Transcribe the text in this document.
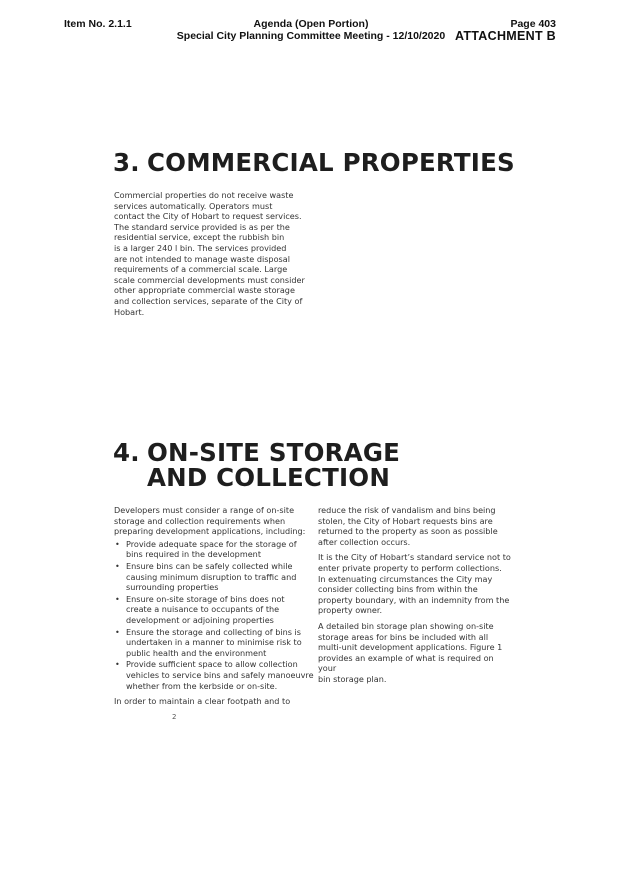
Item No. 2.1.1	Agenda (Open Portion)
Special City Planning Committee Meeting - 12/10/2020
Page 403
ATTACHMENT B
3. COMMERCIAL PROPERTIES
Commercial properties do not receive waste
services automatically. Operators must
contact the City of Hobart to request services.
The standard service provided is as per the
residential service, except the rubbish bin
is a larger 240 l bin. The services provided
are not intended to manage waste disposal
requirements of a commercial scale. Large
scale commercial developments must consider
other appropriate commercial waste storage
and collection services, separate of the City of
Hobart.
4. ON-SITE STORAGE
AND COLLECTION
Developers must consider a range of on-site
storage and collection requirements when
preparing development applications, including:
• Provide adequate space for the storage of
bins required in the development
• Ensure bins can be safely collected while
causing minimum disruption to traffic and
surrounding properties
• Ensure on-site storage of bins does not
create a nuisance to occupants of the
development or adjoining properties
• Ensure the storage and collecting of bins is
undertaken in a manner to minimise risk to
public health and the environment
• Provide sufficient space to allow collection
vehicles to service bins and safely manoeuvre
whether from the kerbside or on-site.
In order to maintain a clear footpath and to

reduce the risk of vandalism and bins being
stolen, the City of Hobart requests bins are
returned to the property as soon as possible
after collection occurs.

It is the City of Hobart’s standard service not to
enter private property to perform collections.
In extenuating circumstances the City may
consider collecting bins from within the
property boundary, with an indemnity from the
property owner.

A detailed bin storage plan showing on-site
storage areas for bins be included with all
multi-unit development applications. Figure 1
provides an example of what is required on your
bin storage plan.

2
